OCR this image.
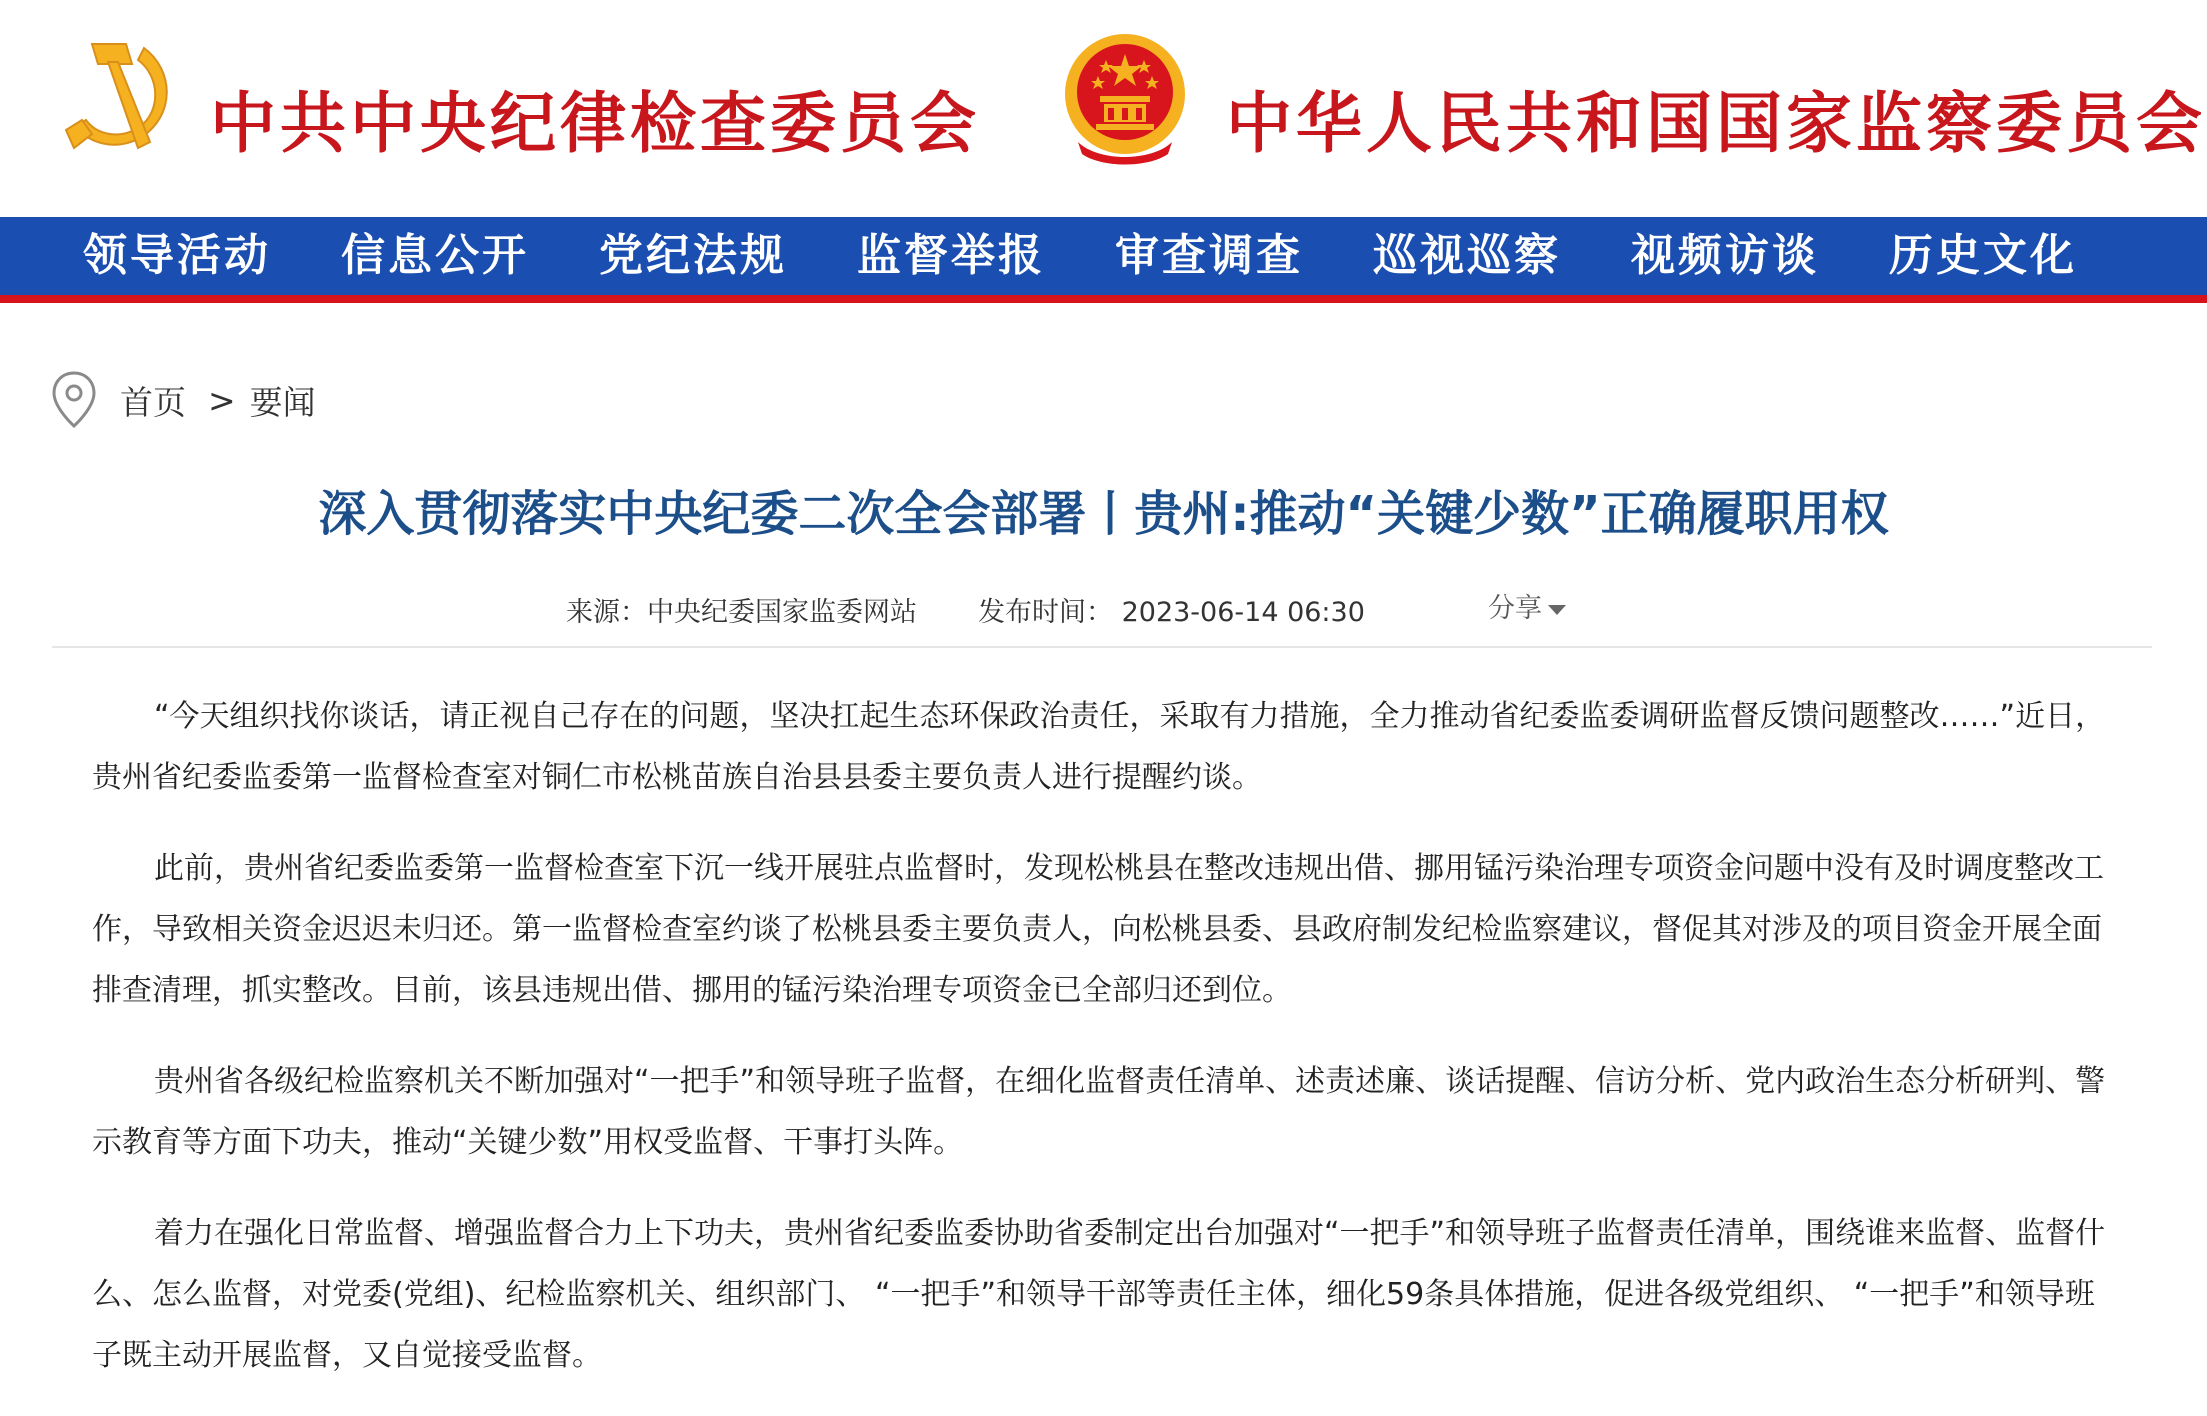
中共中央纪律检查委员会	中华人民共和国国家监察委员会
领导活动	信息公开	党纪法规	监督举报	审查调查	巡视巡察	视频访谈	历史文化
首页 > 要闻
深入贯彻落实中央纪委二次全会部署丨贵州:推动“关键少数”正确履职用权
来源：中央纪委国家监委网站 发布时间： 2023-06-14 06:30	分享

“今天组织找你谈话，请正视自己存在的问题，坚决扛起生态环保政治责任，采取有力措施，全力推动省纪委监委调研监督反馈问题整改……”近日，贵州省纪委监委第一监督检查室对铜仁市松桃苗族自治县县委主要负责人进行提醒约谈。

此前，贵州省纪委监委第一监督检查室下沉一线开展驻点监督时，发现松桃县在整改违规出借、挪用锰污染治理专项资金问题中没有及时调度整改工作，导致相关资金迟迟未归还。第一监督检查室约谈了松桃县委主要负责人，向松桃县委、县政府制发纪检监察建议，督促其对涉及的项目资金开展全面排查清理，抓实整改。目前，该县违规出借、挪用的锰污染治理专项资金已全部归还到位。

贵州省各级纪检监察机关不断加强对“一把手”和领导班子监督，在细化监督责任清单、述责述廉、谈话提醒、信访分析、党内政治生态分析研判、警示教育等方面下功夫，推动“关键少数”用权受监督、干事打头阵。

着力在强化日常监督、增强监督合力上下功夫，贵州省纪委监委协助省委制定出台加强对“一把手”和领导班子监督责任清单，围绕谁来监督、监督什么、怎么监督，对党委(党组)、纪检监察机关、组织部门、 “一把手”和领导干部等责任主体，细化59条具体措施，促进各级党组织、 “一把手”和领导班子既主动开展监督，又自觉接受监督。
